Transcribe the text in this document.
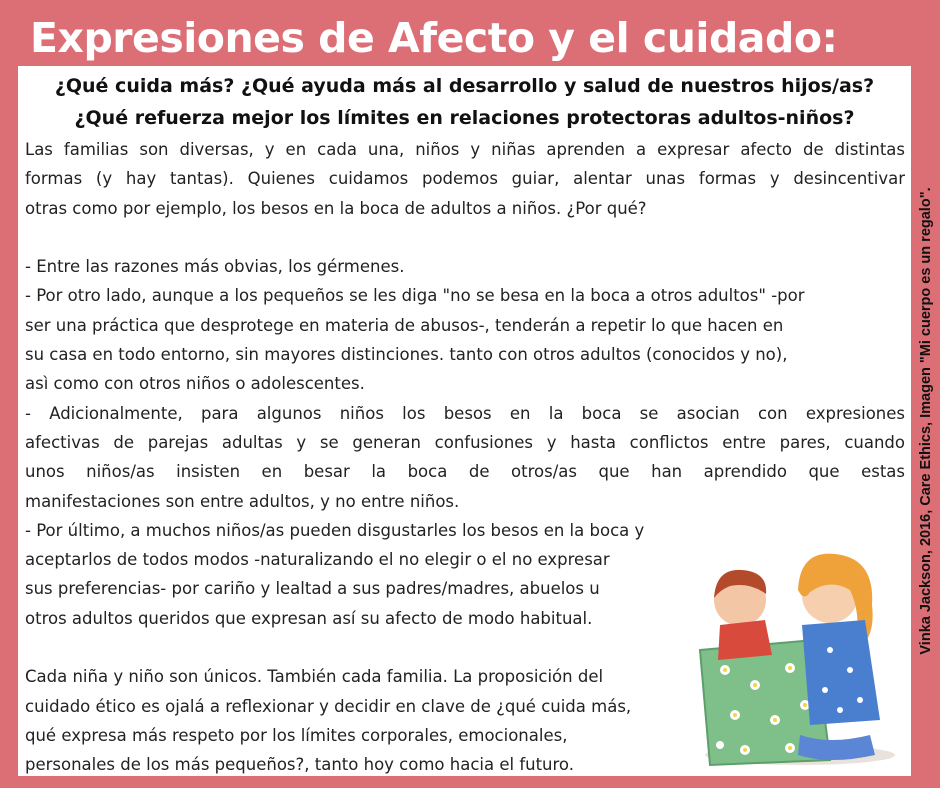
Expresiones de Afecto y el cuidado:
¿Qué cuida más? ¿Qué ayuda más al desarrollo y salud de nuestros hijos/as?
¿Qué refuerza mejor los límites en relaciones protectoras adultos-niños?

Las familias son diversas, y en cada una, niños y niñas aprenden a expresar afecto de distintas

formas (y hay tantas). Quienes cuidamos podemos guiar, alentar unas formas y desincentivar

otras como por ejemplo, los besos en la boca de adultos a niños. ¿Por qué?

- Entre las razones más obvias, los gérmenes.

- Por otro lado, aunque a los pequeños se les diga "no se besa en la boca a otros adultos" -por

ser una práctica que desprotege en materia de abusos-, tenderán a repetir lo que hacen en

su casa en todo entorno, sin mayores distinciones. tanto con otros adultos (conocidos y no),

asì como con otros niños o adolescentes.

- Adicionalmente, para algunos niños los besos en la boca se asocian con expresiones

afectivas de parejas adultas y se generan confusiones y hasta conflictos entre pares, cuando

unos niños/as insisten en besar la boca de otros/as que han aprendido que estas

manifestaciones son entre adultos, y no entre niños.

- Por último, a muchos niños/as pueden disgustarles los besos en la boca y

aceptarlos de todos modos -naturalizando el no elegir o el no expresar

sus preferencias- por cariño y lealtad a sus padres/madres, abuelos u

otros adultos queridos que expresan así su afecto de modo habitual.

Cada niña y niño son únicos. También cada familia. La proposición del

cuidado ético es ojalá a reflexionar y decidir en clave de ¿qué cuida más,

qué expresa más respeto por los límites corporales, emocionales,

personales de los más pequeños?, tanto hoy como hacia el futuro.

Vinka Jackson, 2016, Care Ethics, Imagen "Mi cuerpo es un regalo".
